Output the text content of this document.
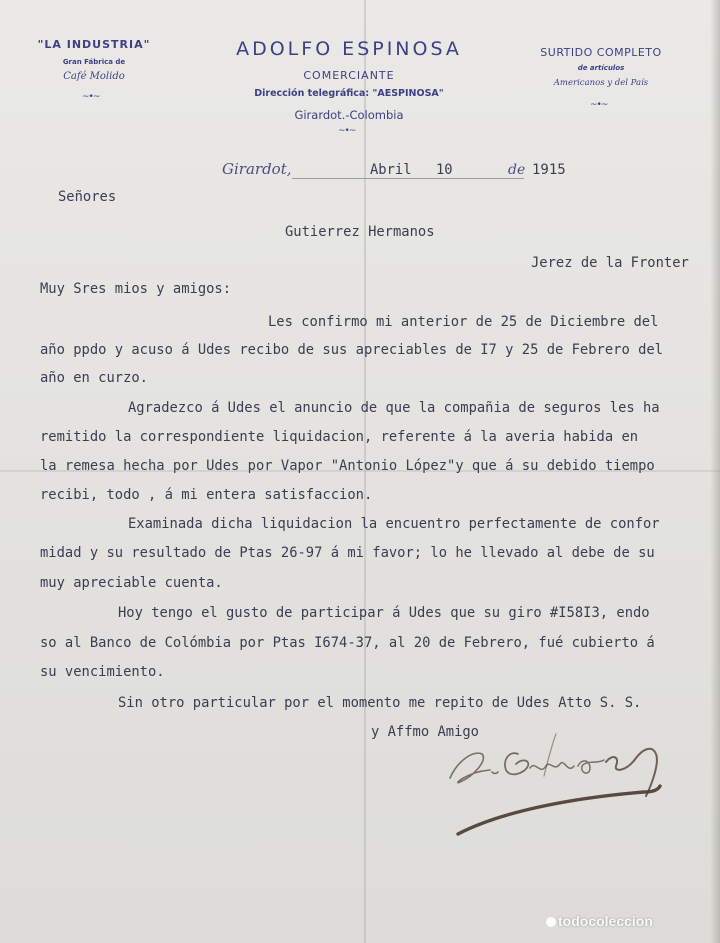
"LA INDUSTRIA"
Gran Fábrica de
Café Molido
~•~
ADOLFO ESPINOSA
COMERCIANTE
Dirección telegráfica: "AESPINOSA"
Girardot.-Colombia
~•~
SURTIDO COMPLETO
de artículos
Americanos y del País
~•~
Girardot,	Abril 10	de 1915
Señores
Gutierrez Hermanos
Jerez de la Fronter
Muy Sres mios y amigos:
Les confirmo mi anterior de 25 de Diciembre del
año ppdo y acuso á Udes recibo de sus apreciables de I7 y 25 de Febrero del
año en curzo.
Agradezco á Udes el anuncio de que la compañia de seguros les ha
remitido la correspondiente liquidacion, referente á la averia habida en
la remesa hecha por Udes por Vapor "Antonio López"y que á su debido tiempo
recibi, todo , á mi entera satisfaccion.
Examinada dicha liquidacion la encuentro perfectamente de confor
midad y su resultado de Ptas 26-97 á mi favor; lo he llevado al debe de su
muy apreciable cuenta.
Hoy tengo el gusto de participar á Udes que su giro #I58I3, endo
so al Banco de Colómbia por Ptas I674-37, al 20 de Febrero, fué cubierto á
su vencimiento.
Sin otro particular por el momento me repito de Udes Atto S. S.
y Affmo Amigo
todocoleccion
